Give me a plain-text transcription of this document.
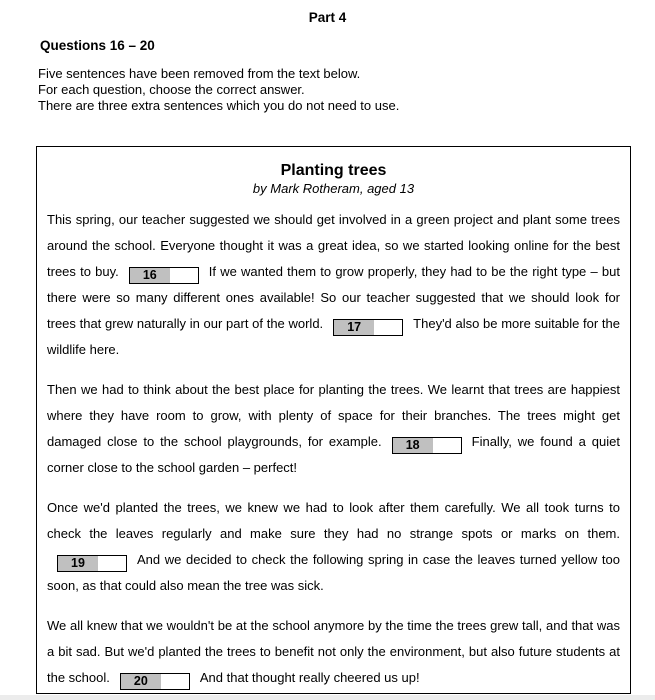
Part 4
Questions 16 – 20
Five sentences have been removed from the text below.
For each question, choose the correct answer.
There are three extra sentences which you do not need to use.
Planting trees
by Mark Rotheram, aged 13

This spring, our teacher suggested we should get involved in a green project and plant some trees around the school. Everyone thought it was a great idea, so we started looking online for the best trees to buy.	16	If we wanted them to grow properly, they had to be the right type – but there were so many different ones available! So our teacher suggested that we should look for trees that grew naturally in our part of the world.	17	They'd also be more suitable for the wildlife here.

Then we had to think about the best place for planting the trees. We learnt that trees are happiest where they have room to grow, with plenty of space for their branches. The trees might get damaged close to the school playgrounds, for example.	18	Finally, we found a quiet corner close to the school garden – perfect!

Once we'd planted the trees, we knew we had to look after them carefully. We all took turns to check the leaves regularly and make sure they had no strange spots or marks on them.
19	And we decided to check the following spring in case the leaves turned yellow too soon, as that could also mean the tree was sick.

We all knew that we wouldn't be at the school anymore by the time the trees grew tall, and that was a bit sad. But we'd planted the trees to benefit not only the environment, but also future students at the school.	20	And that thought really cheered us up!
